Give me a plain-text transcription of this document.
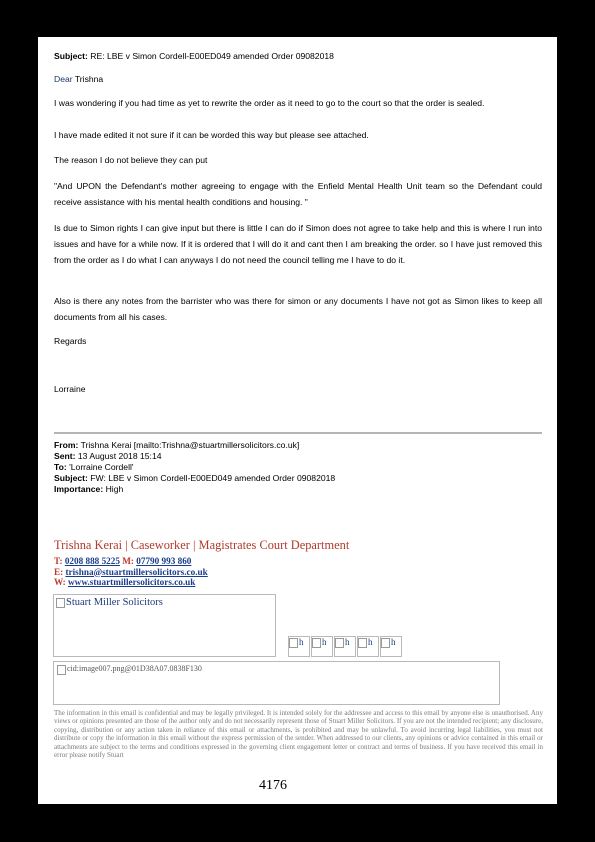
Subject: RE: LBE v Simon Cordell-E00ED049 amended Order 09082018

Dear Trishna

I was wondering if you had time as yet to rewrite the order as it need to go to the court so that the order is sealed.

I have made edited it not sure if it can be worded this way but please see attached.

The reason I do not believe they can put

"And UPON the Defendant's mother agreeing to engage with the Enfield Mental Health Unit team so the Defendant could receive assistance with his mental health conditions and housing. "

Is due to Simon rights I can give input but there is little I can do if Simon does not agree to take help and this is where I run into issues and have for a while now. If it is ordered that I will do it and cant then I am breaking the order. so I have just removed this from the order as I do what I can anyways I do not need the council telling me I have to do it.

Also is there any notes from the barrister who was there for simon or any documents I have not got as Simon likes to keep all documents from all his cases.

Regards

Lorraine

From: Trishna Kerai [mailto:Trishna@stuartmillersolicitors.co.uk]
Sent: 13 August 2018 15:14
To: 'Lorraine Cordell'
Subject: FW: LBE v Simon Cordell-E00ED049 amended Order 09082018
Importance: High
Trishna Kerai | Caseworker | Magistrates Court Department
T: 0208 888 5225 M: 07790 993 860
E: trishna@stuartmillersolicitors.co.uk
W: www.stuartmillersolicitors.co.uk
Stuart Miller Solicitors
h	h	h	h	h
cid:image007.png@01D38A07.0838F130
The information in this email is confidential and may be legally privileged. It is intended solely for the addressee and access to this email by anyone else is unauthorised. Any views or opinions presented are those of the author only and do not necessarily represent those of Stuart Miller Solicitors. If you are not the intended recipient; any disclosure, copying, distribution or any action taken in reliance of this email or attachments, is prohibited and may be unlawful. To avoid incurring legal liabilities, you must not distribute or copy the information in this email without the express permission of the sender. When addressed to our clients, any opinions or advice contained in this email or attachments are subject to the terms and conditions expressed in the governing client engagement letter or contract and terms of business. If you have received this email in error please notify Stuart
4176
